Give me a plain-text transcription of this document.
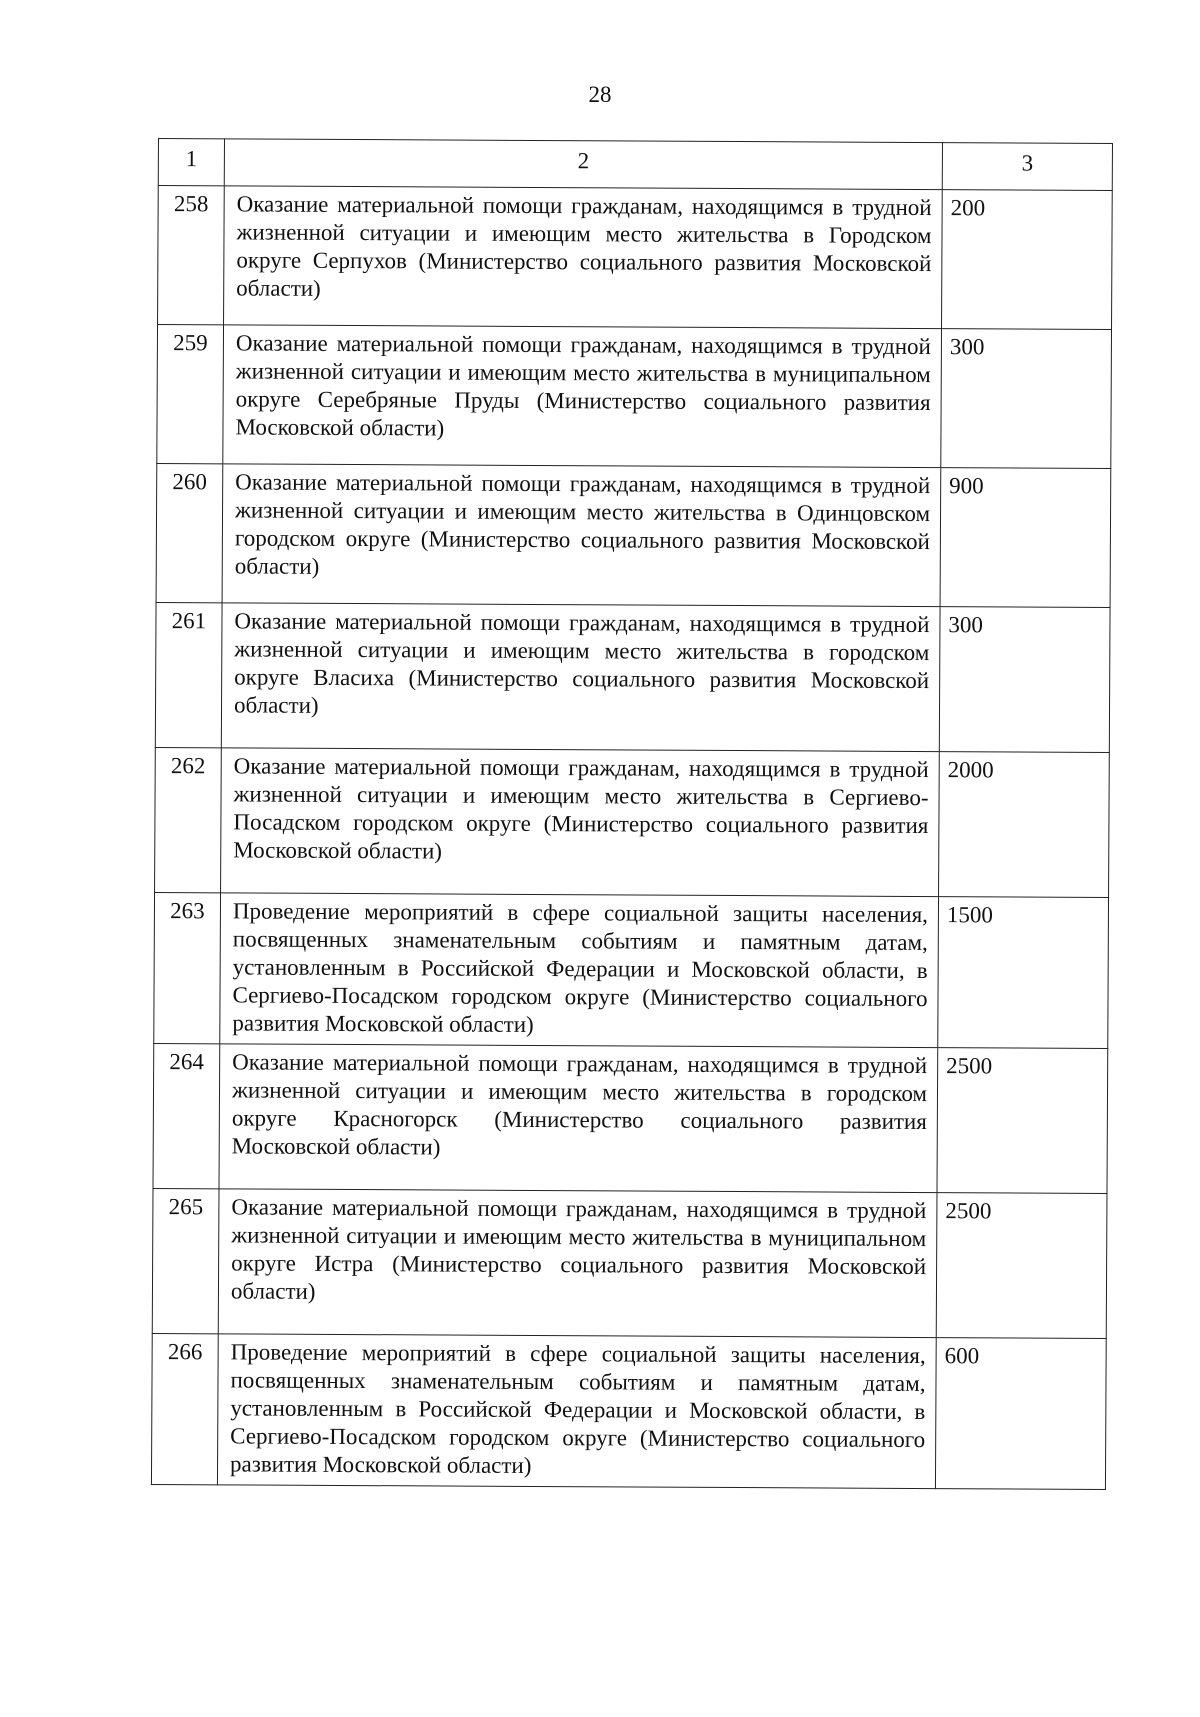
28
1	2	3
258	Оказание материальной помощи гражданам, находящимся в трудной жизненной ситуации и имеющим место жительства в Городском округе Серпухов (Министерство социального развития Московской области)	200
259	Оказание материальной помощи гражданам, находящимся в трудной жизненной ситуации и имеющим место жительства в муниципальном округе Серебряные Пруды (Министерство социального развития Московской области)	300
260	Оказание материальной помощи гражданам, находящимся в трудной жизненной ситуации и имеющим место жительства в Одинцовском городском округе (Министерство социального развития Московской области)	900
261	Оказание материальной помощи гражданам, находящимся в трудной жизненной ситуации и имеющим место жительства в городском округе Власиха (Министерство социального развития Московской области)	300
262	Оказание материальной помощи гражданам, находящимся в трудной жизненной ситуации и имеющим место жительства в Сергиево-Посадском городском округе (Министерство социального развития Московской области)	2000
263	Проведение мероприятий в сфере социальной защиты населения, посвященных знаменательным событиям и памятным датам, установленным в Российской Федерации и Московской области, в Сергиево-Посадском городском округе (Министерство социального развития Московской области)	1500
264	Оказание материальной помощи гражданам, находящимся в трудной жизненной ситуации и имеющим место жительства в городском округе Красногорск (Министерство социального развития Московской области)	2500
265	Оказание материальной помощи гражданам, находящимся в трудной жизненной ситуации и имеющим место жительства в муниципальном округе Истра (Министерство социального развития Московской области)	2500
266	Проведение мероприятий в сфере социальной защиты населения, посвященных знаменательным событиям и памятным датам, установленным в Российской Федерации и Московской области, в Сергиево-Посадском городском округе (Министерство социального развития Московской области)	600
